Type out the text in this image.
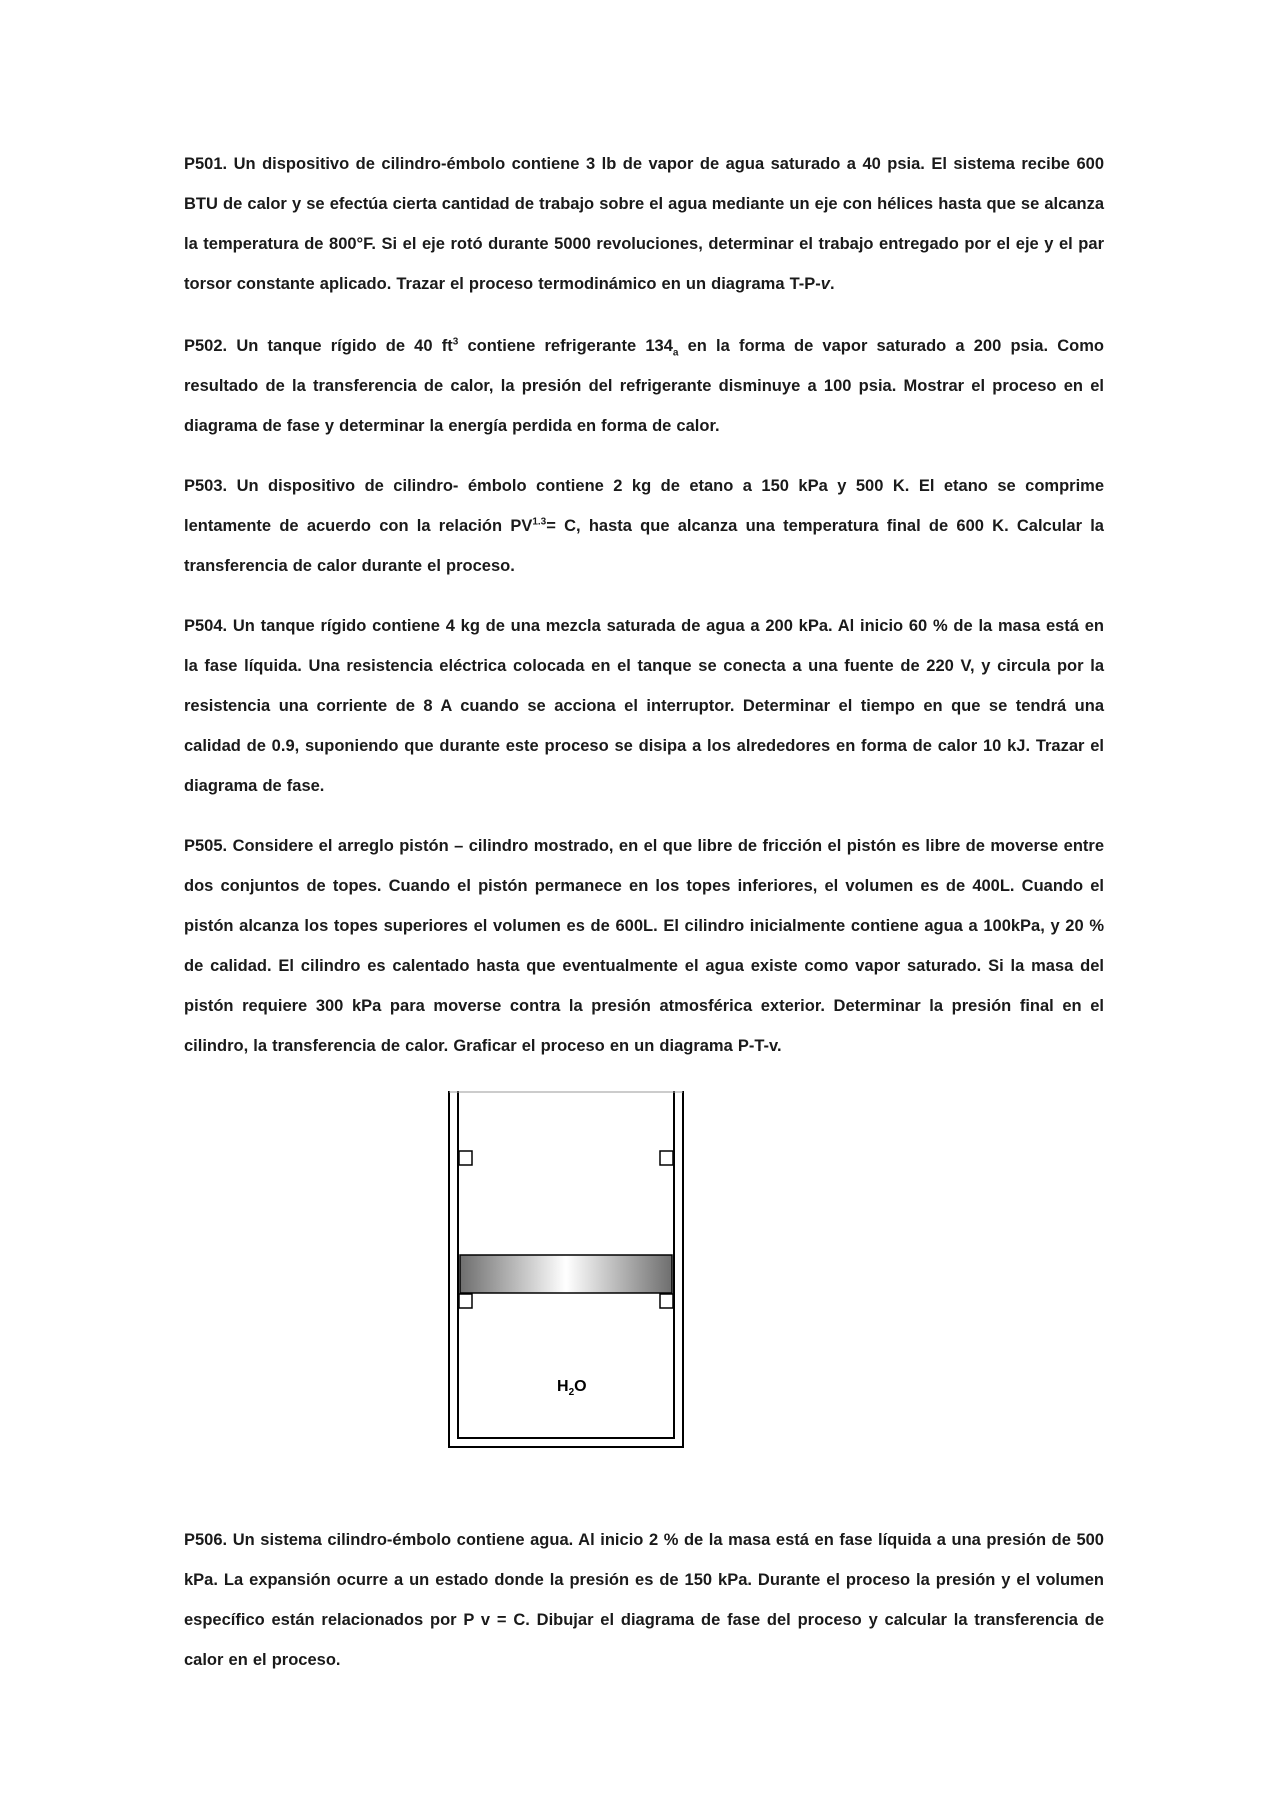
P501. Un dispositivo de cilindro-émbolo contiene 3 lb de vapor de agua saturado a 40 psia. El sistema recibe 600 BTU de calor y se efectúa cierta cantidad de trabajo sobre el agua mediante un eje con hélices hasta que se alcanza la temperatura de 800°F. Si el eje rotó durante 5000 revoluciones, determinar el trabajo entregado por el eje y el par torsor constante aplicado. Trazar el proceso termodinámico en un diagrama T-P-v.

P502. Un tanque rígido de 40 $ft^3$ contiene refrigerante $134_a$ en la forma de vapor saturado a 200 psia. Como resultado de la transferencia de calor, la presión del refrigerante disminuye a 100 psia. Mostrar el proceso en el diagrama de fase y determinar la energía perdida en forma de calor.

P503. Un dispositivo de cilindro- émbolo contiene 2 kg de etano a 150 kPa y 500 K. El etano se comprime lentamente de acuerdo con la relación $PV^{1.3}= C$, hasta que alcanza una temperatura final de 600 K. Calcular la transferencia de calor durante el proceso.

P504. Un tanque rígido contiene 4 kg de una mezcla saturada de agua a 200 kPa. Al inicio 60 % de la masa está en la fase líquida. Una resistencia eléctrica colocada en el tanque se conecta a una fuente de 220 V, y circula por la resistencia una corriente de 8 A cuando se acciona el interruptor. Determinar el tiempo en que se tendrá una calidad de 0.9, suponiendo que durante este proceso se disipa a los alrededores en forma de calor 10 kJ. Trazar el diagrama de fase.

P505. Considere el arreglo pistón – cilindro mostrado, en el que libre de fricción el pistón es libre de moverse entre dos conjuntos de topes. Cuando el pistón permanece en los topes inferiores, el volumen es de 400L. Cuando el pistón alcanza los topes superiores el volumen es de 600L. El cilindro inicialmente contiene agua a 100kPa, y 20 % de calidad. El cilindro es calentado hasta que eventualmente el agua existe como vapor saturado. Si la masa del pistón requiere 300 kPa para moverse contra la presión atmosférica exterior. Determinar la presión final en el cilindro, la transferencia de calor. Graficar el proceso en un diagrama P-T-v.

$H_2O$

P506. Un sistema cilindro-émbolo contiene agua. Al inicio 2 % de la masa está en fase líquida a una presión de 500 kPa. La expansión ocurre a un estado donde la presión es de 150 kPa. Durante el proceso la presión y el volumen específico están relacionados por P v = C. Dibujar el diagrama de fase del proceso y calcular la transferencia de calor en el proceso.
